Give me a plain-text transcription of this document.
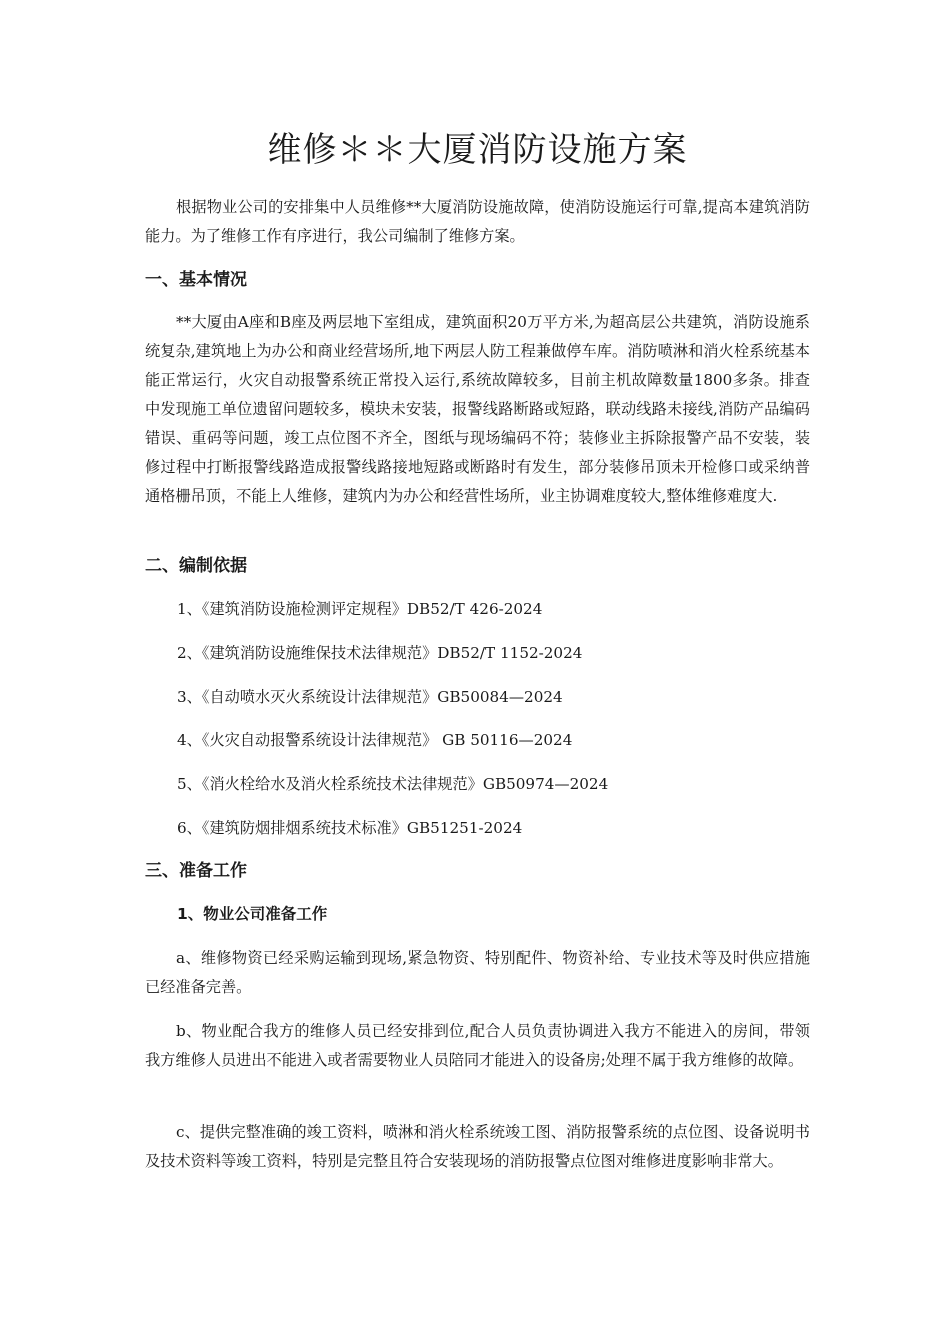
维修＊＊大厦消防设施方案

根据物业公司的安排集中人员维修**大厦消防设施故障，使消防设施运行可靠,提高本建筑消防能力。为了维修工作有序进行，我公司编制了维修方案。

一、基本情况

**大厦由A座和B座及两层地下室组成，建筑面积20万平方米,为超高层公共建筑，消防设施系统复杂,建筑地上为办公和商业经营场所,地下两层人防工程兼做停车库。消防喷淋和消火栓系统基本能正常运行，火灾自动报警系统正常投入运行,系统故障较多，目前主机故障数量1800多条。排查中发现施工单位遗留问题较多，模块未安装，报警线路断路或短路，联动线路未接线,消防产品编码错误、重码等问题，竣工点位图不齐全，图纸与现场编码不符；装修业主拆除报警产品不安装，装修过程中打断报警线路造成报警线路接地短路或断路时有发生，部分装修吊顶未开检修口或采纳普通格栅吊顶，不能上人维修，建筑内为办公和经营性场所，业主协调难度较大,整体维修难度大.

二、编制依据
1、《建筑消防设施检测评定规程》DB52/T 426-2024
2、《建筑消防设施维保技术法律规范》DB52/T 1152-2024
3、《自动喷水灭火系统设计法律规范》GB50084—2024
4、《火灾自动报警系统设计法律规范》 GB 50116—2024
5、《消火栓给水及消火栓系统技术法律规范》GB50974—2024
6、《建筑防烟排烟系统技术标准》GB51251-2024
三、准备工作
1、物业公司准备工作

a、维修物资已经采购运输到现场,紧急物资、特别配件、物资补给、专业技术等及时供应措施已经准备完善。

b、物业配合我方的维修人员已经安排到位,配合人员负责协调进入我方不能进入的房间，带领我方维修人员进出不能进入或者需要物业人员陪同才能进入的设备房;处理不属于我方维修的故障。

c、提供完整准确的竣工资料，喷淋和消火栓系统竣工图、消防报警系统的点位图、设备说明书及技术资料等竣工资料，特别是完整且符合安装现场的消防报警点位图对维修进度影响非常大。
